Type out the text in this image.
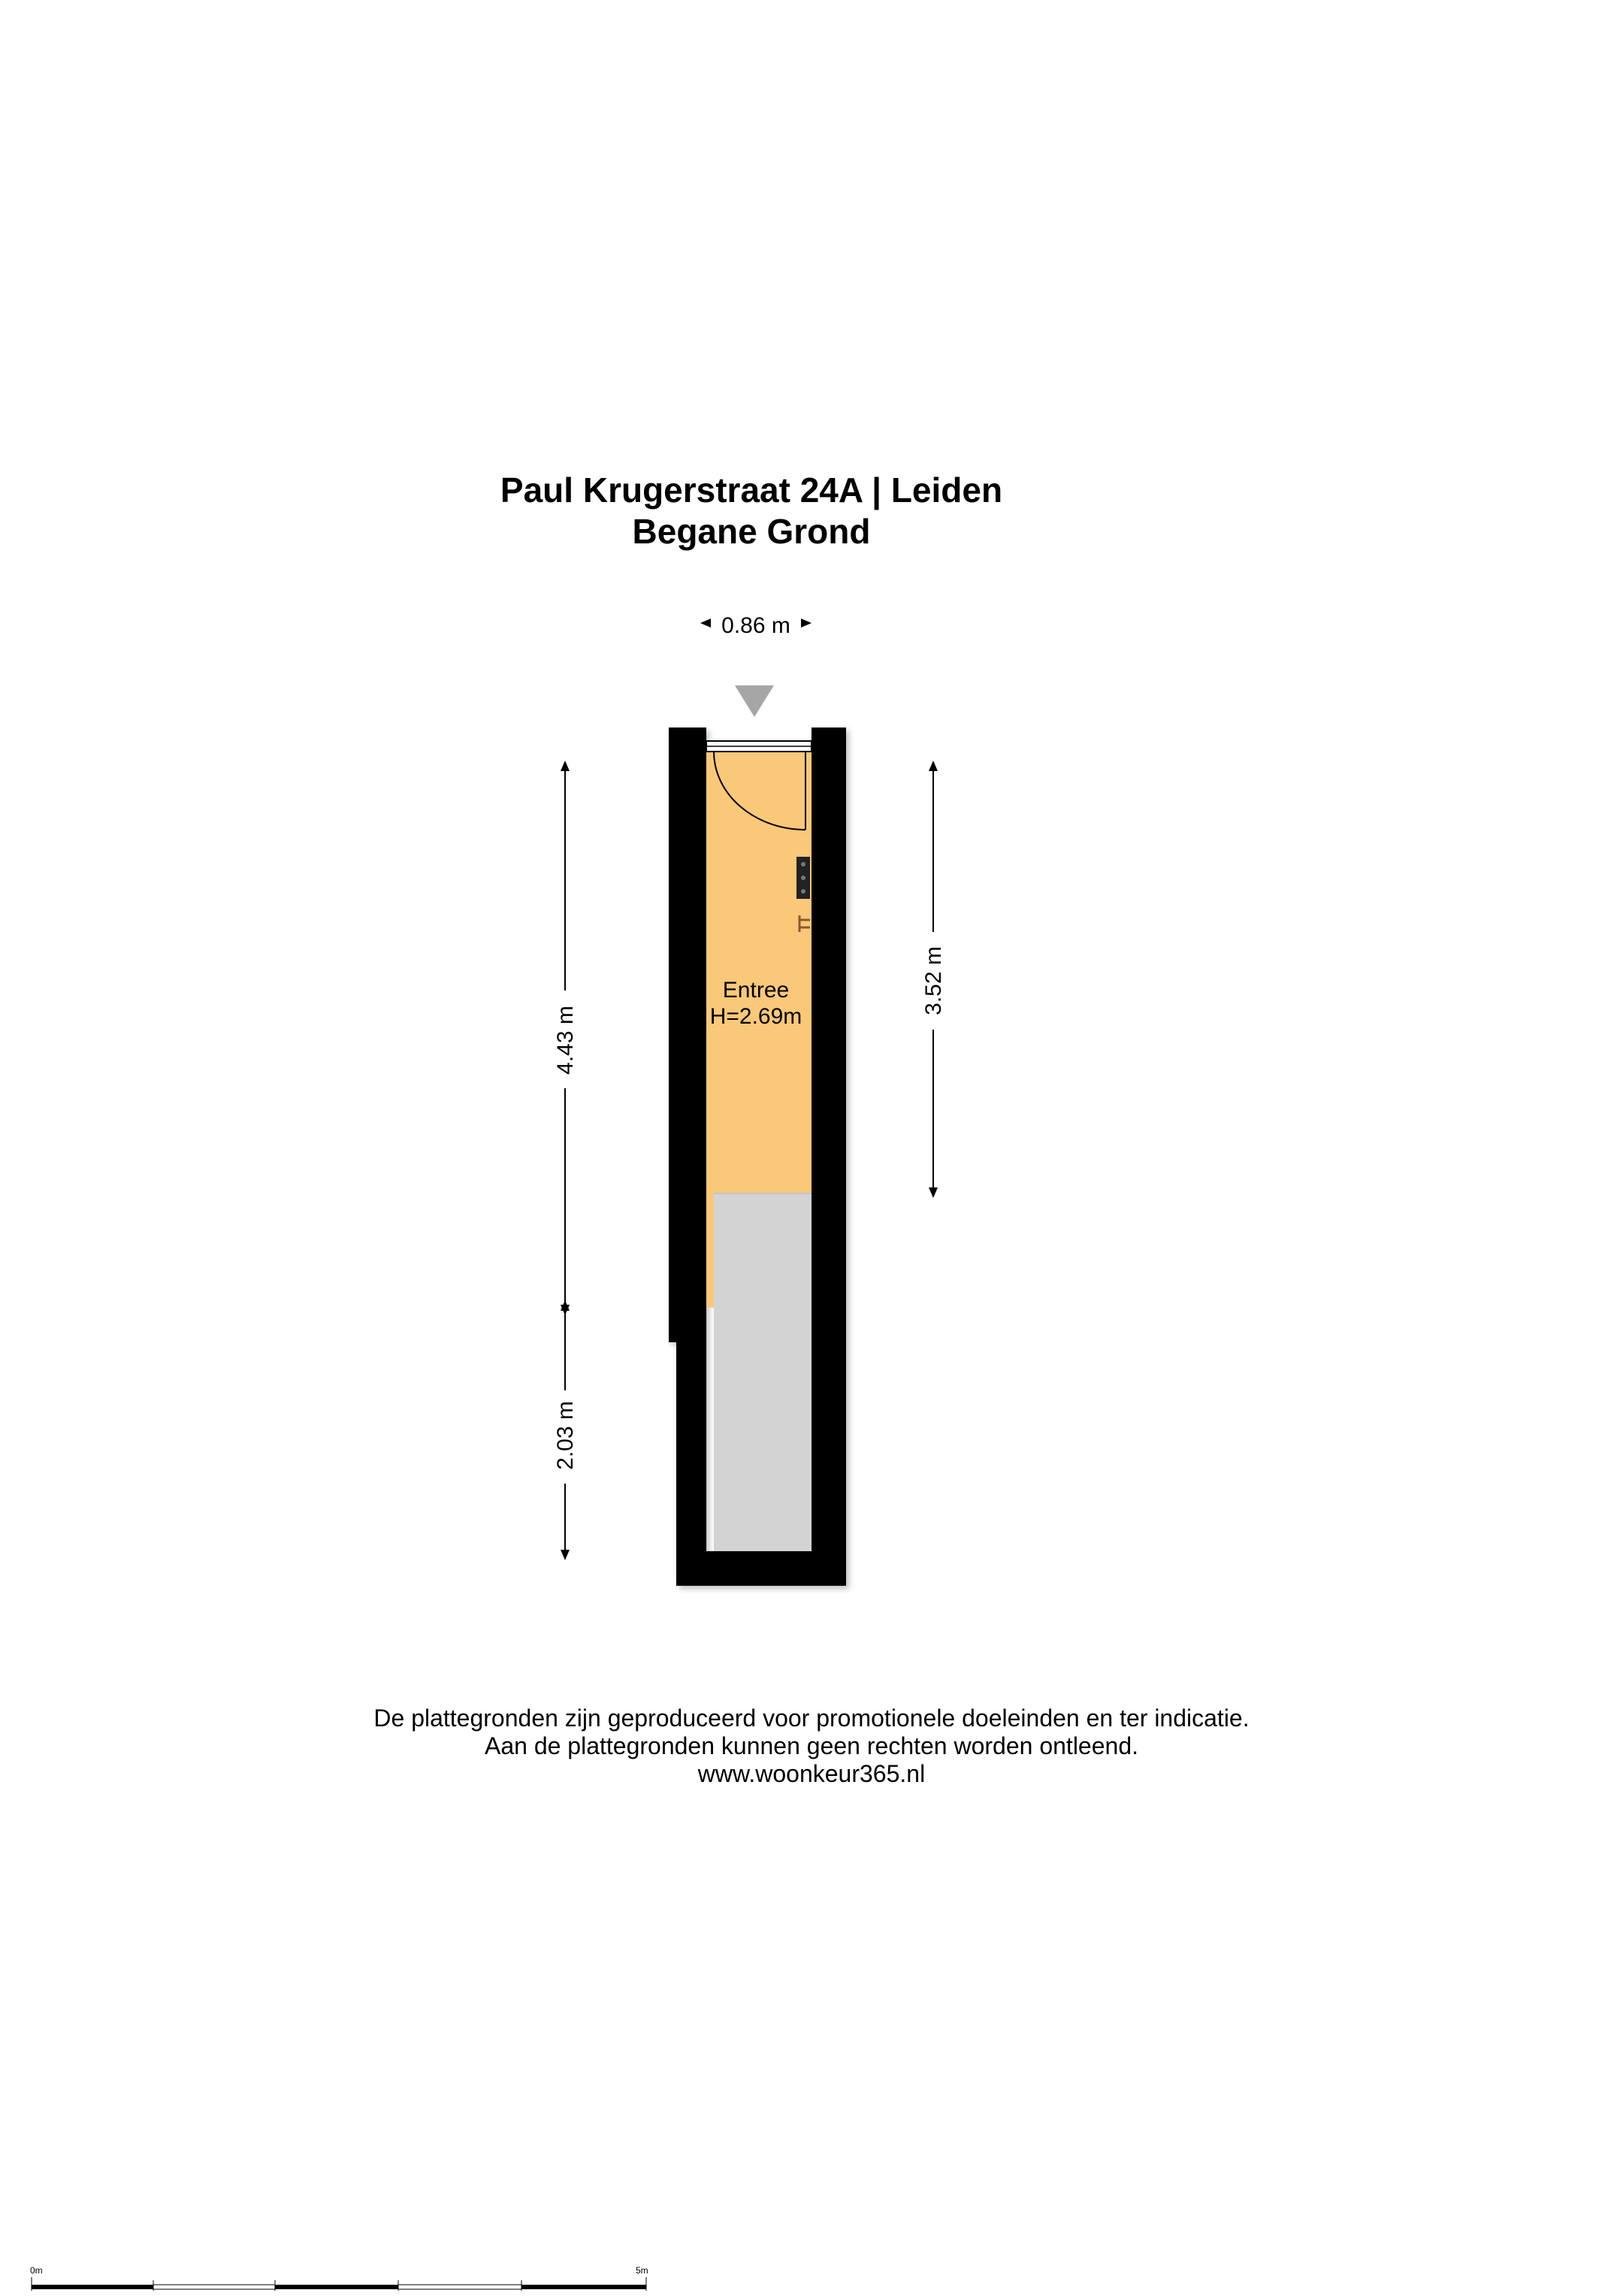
Paul Krugerstraat 24A | Leiden
Begane Grond
0.86 m
Entree
H=2.69m
4.43 m
2.03 m
3.52 m
0m	5m
De plattegronden zijn geproduceerd voor promotionele doeleinden en ter indicatie.
Aan de plattegronden kunnen geen rechten worden ontleend.
www.woonkeur365.nl
